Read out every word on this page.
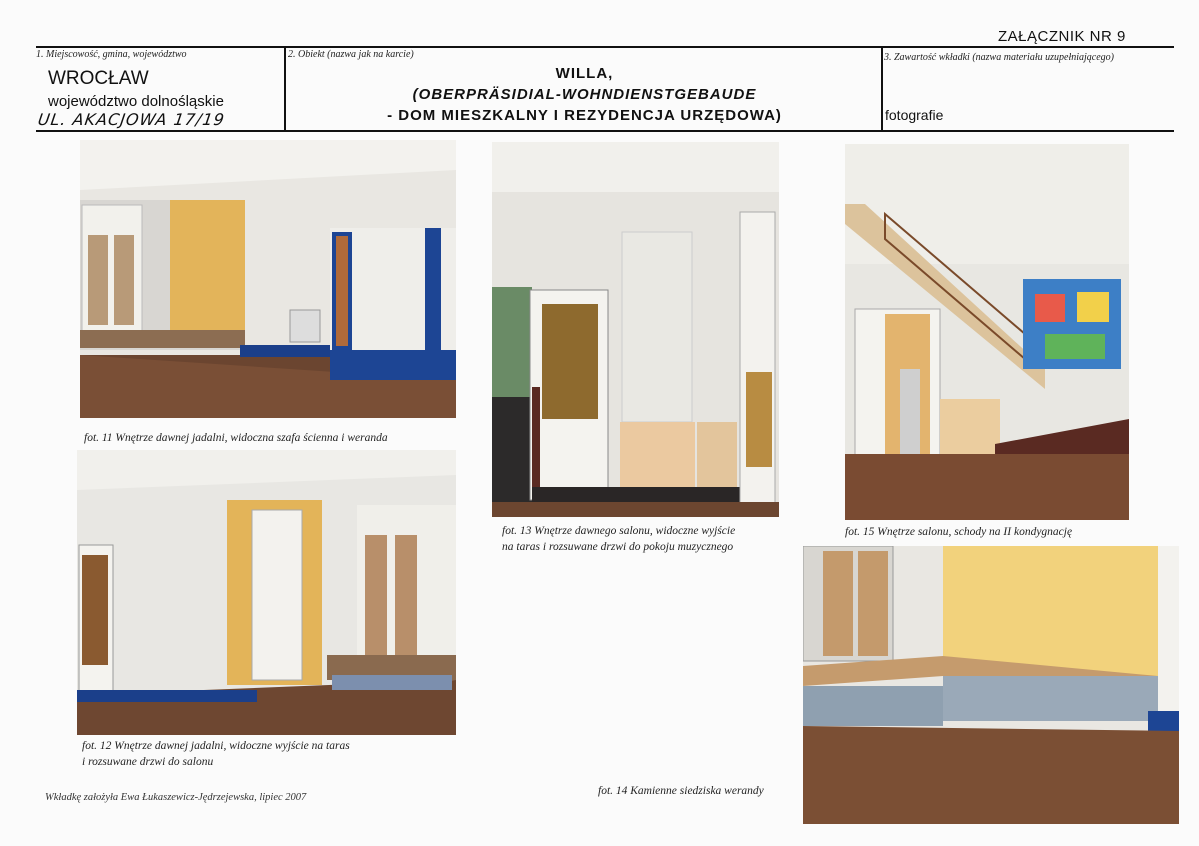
ZAŁĄCZNIK NR 9
1. Miejscowość, gmina, województwo
WROCŁAW
województwo dolnośląskie
UL. AKACJOWA 17/19
2. Obiekt (nazwa jak na karcie)
WILLA,
(OBERPRÄSIDIAL-WOHNDIENSTGEBAUDE
- DOM MIESZKALNY I REZYDENCJA URZĘDOWA)
3. Zawartość wkładki (nazwa materiału uzupełniającego)
fotografie
fot. 11 Wnętrze dawnej jadalni, widoczna szafa ścienna i weranda
fot. 12 Wnętrze dawnej jadalni, widoczne wyjście na taras
i rozsuwane drzwi do salonu
fot. 13 Wnętrze dawnego salonu, widoczne wyjście
na taras i rozsuwane drzwi do pokoju muzycznego
fot. 15 Wnętrze salonu, schody na II kondygnację
fot. 14 Kamienne siedziska werandy
Wkładkę założyła Ewa Łukaszewicz-Jędrzejewska, lipiec 2007
